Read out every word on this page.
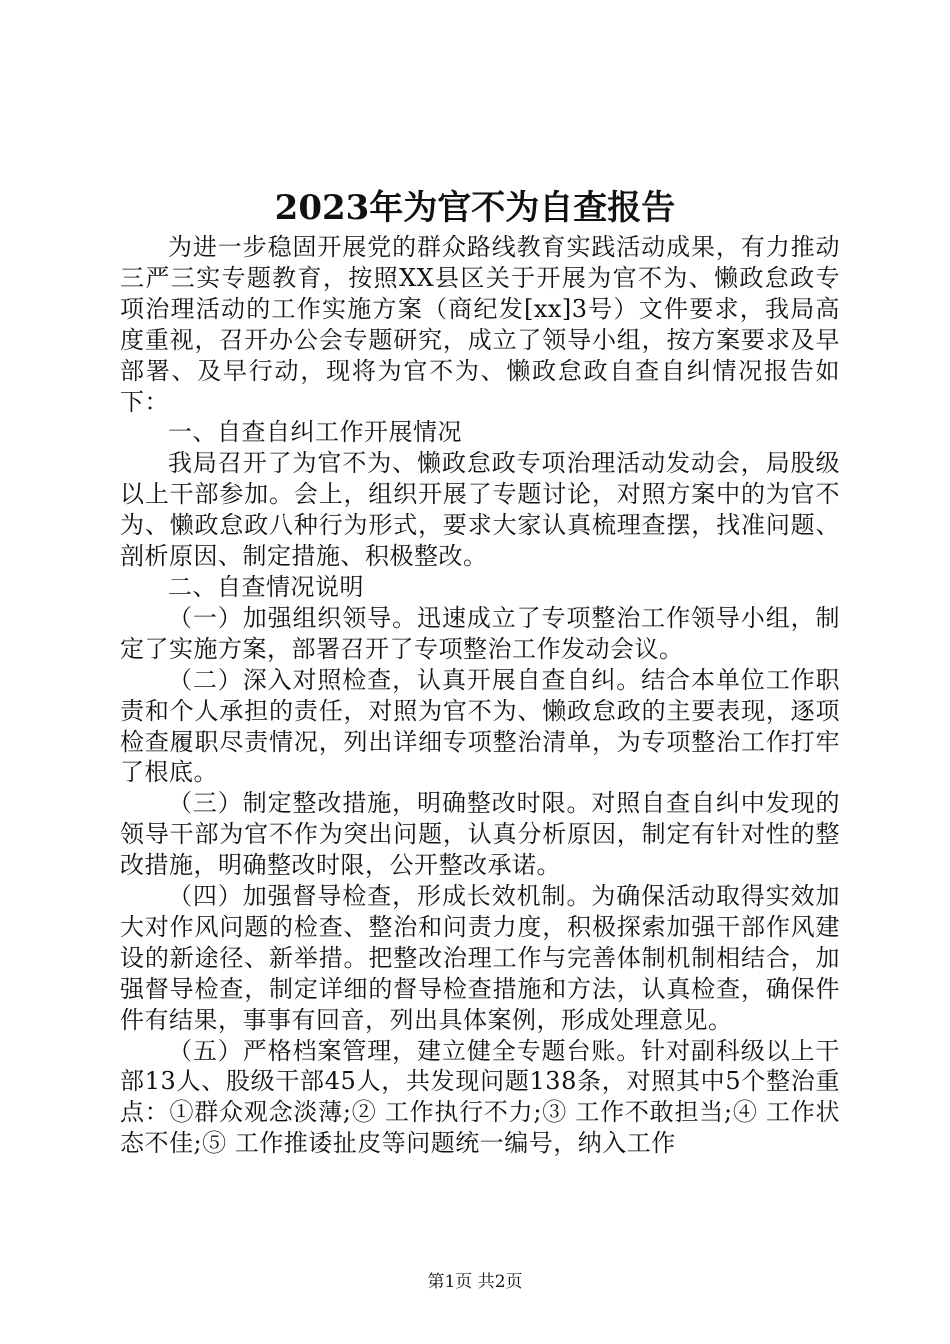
2023年为官不为自查报告

为进一步稳固开展党的群众路线教育实践活动成果，有力推动三严三实专题教育，按照XX县区关于开展为官不为、懒政怠政专项治理活动的工作实施方案（商纪发[xx]3号）文件要求，我局高度重视，召开办公会专题研究，成立了领导小组，按方案要求及早部署、及早行动，现将为官不为、懒政怠政自查自纠情况报告如下：

一、自查自纠工作开展情况

我局召开了为官不为、懒政怠政专项治理活动发动会，局股级以上干部参加。会上，组织开展了专题讨论，对照方案中的为官不为、懒政怠政八种行为形式，要求大家认真梳理查摆，找准问题、剖析原因、制定措施、积极整改。

二、自查情况说明

（一）加强组织领导。迅速成立了专项整治工作领导小组，制定了实施方案，部署召开了专项整治工作发动会议。

（二）深入对照检查，认真开展自查自纠。结合本单位工作职责和个人承担的责任，对照为官不为、懒政怠政的主要表现，逐项检查履职尽责情况，列出详细专项整治清单，为专项整治工作打牢了根底。

（三）制定整改措施，明确整改时限。对照自查自纠中发现的领导干部为官不作为突出问题，认真分析原因，制定有针对性的整改措施，明确整改时限，公开整改承诺。

（四）加强督导检查，形成长效机制。为确保活动取得实效加大对作风问题的检查、整治和问责力度，积极探索加强干部作风建设的新途径、新举措。把整改治理工作与完善体制机制相结合，加强督导检查，制定详细的督导检查措施和方法，认真检查，确保件件有结果，事事有回音，列出具体案例，形成处理意见。

（五）严格档案管理，建立健全专题台账。针对副科级以上干部13人、股级干部45人，共发现问题138条，对照其中5个整治重点：①群众观念淡薄;② 工作执行不力;③ 工作不敢担当;④ 工作状态不佳;⑤ 工作推诿扯皮等问题统一编号，纳入工作

第1页 共2页
